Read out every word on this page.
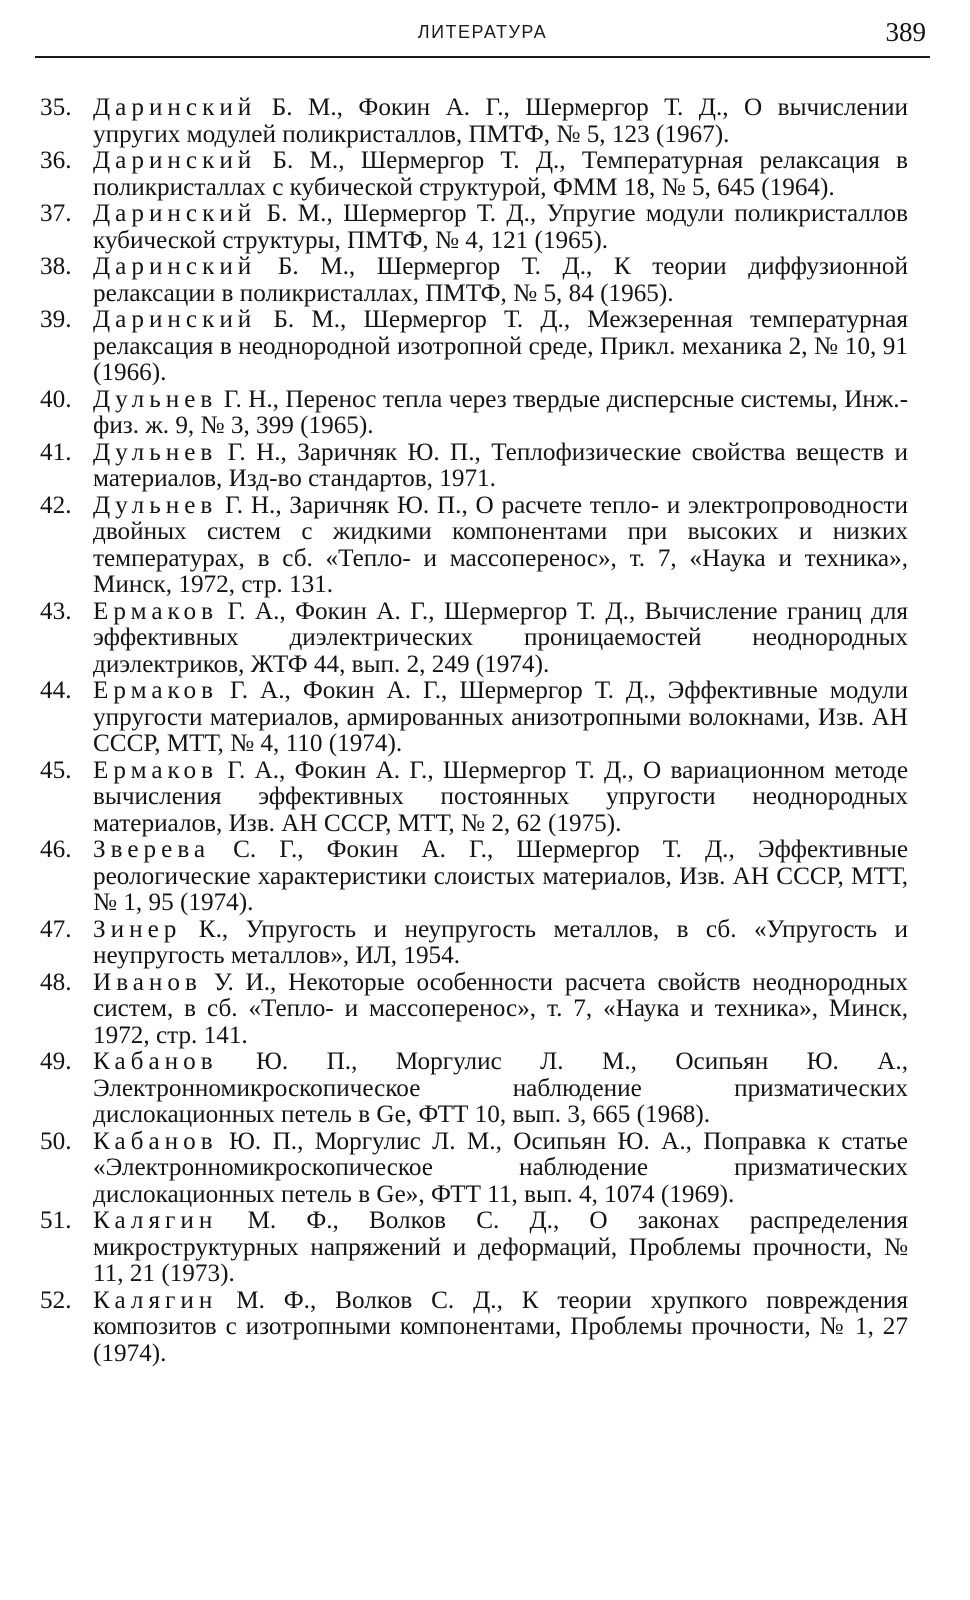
ЛИТЕРАТУРА	389

35. Даринский Б. М., Фокин А. Г., Шермергор Т. Д., О вычислении упругих модулей поликристаллов, ПМТФ, № 5, 123 (1967).

36. Даринский Б. М., Шермергор Т. Д., Температурная релаксация в поликристаллах с кубической структурой, ФММ 18, № 5, 645 (1964).

37. Даринский Б. М., Шермергор Т. Д., Упругие модули поликристаллов кубической структуры, ПМТФ, № 4, 121 (1965).

38. Даринский Б. М., Шермергор Т. Д., К теории диффузионной релаксации в поликристаллах, ПМТФ, № 5, 84 (1965).

39. Даринский Б. М., Шермергор Т. Д., Межзеренная температурная релаксация в неоднородной изотропной среде, Прикл. механика 2, № 10, 91 (1966).

40. Дульнев Г. Н., Перенос тепла через твердые дисперсные системы, Инж.-физ. ж. 9, № 3, 399 (1965).

41. Дульнев Г. Н., Заричняк Ю. П., Теплофизические свойства веществ и материалов, Изд-во стандартов, 1971.

42. Дульнев Г. Н., Заричняк Ю. П., О расчете тепло- и электропроводности двойных систем с жидкими компонентами при высоких и низких температурах, в сб. «Тепло- и массоперенос», т. 7, «Наука и техника», Минск, 1972, стр. 131.

43. Ермаков Г. А., Фокин А. Г., Шермергор Т. Д., Вычисление границ для эффективных диэлектрических проницаемостей неоднородных диэлектриков, ЖТФ 44, вып. 2, 249 (1974).

44. Ермаков Г. А., Фокин А. Г., Шермергор Т. Д., Эффективные модули упругости материалов, армированных анизотропными волокнами, Изв. АН СССР, МТТ, № 4, 110 (1974).

45. Ермаков Г. А., Фокин А. Г., Шермергор Т. Д., О вариационном методе вычисления эффективных постоянных упругости неоднородных материалов, Изв. АН СССР, МТТ, № 2, 62 (1975).

46. Зверева С. Г., Фокин А. Г., Шермергор Т. Д., Эффективные реологические характеристики слоистых материалов, Изв. АН СССР, МТТ, № 1, 95 (1974).

47. Зинер К., Упругость и неупругость металлов, в сб. «Упругость и неупругость металлов», ИЛ, 1954.

48. Иванов У. И., Некоторые особенности расчета свойств неоднородных систем, в сб. «Тепло- и массоперенос», т. 7, «Наука и техника», Минск, 1972, стр. 141.

49. Кабанов Ю. П., Моргулис Л. М., Осипьян Ю. А., Электронномикроскопическое наблюдение призматических дислокационных петель в Ge, ФТТ 10, вып. 3, 665 (1968).

50. Кабанов Ю. П., Моргулис Л. М., Осипьян Ю. А., Поправка к статье «Электронномикроскопическое наблюдение призматических дислокационных петель в Ge», ФТТ 11, вып. 4, 1074 (1969).

51. Калягин М. Ф., Волков С. Д., О законах распределения микроструктурных напряжений и деформаций, Проблемы прочности, № 11, 21 (1973).

52. Калягин М. Ф., Волков С. Д., К теории хрупкого повреждения композитов с изотропными компонентами, Проблемы прочности, № 1, 27 (1974).
